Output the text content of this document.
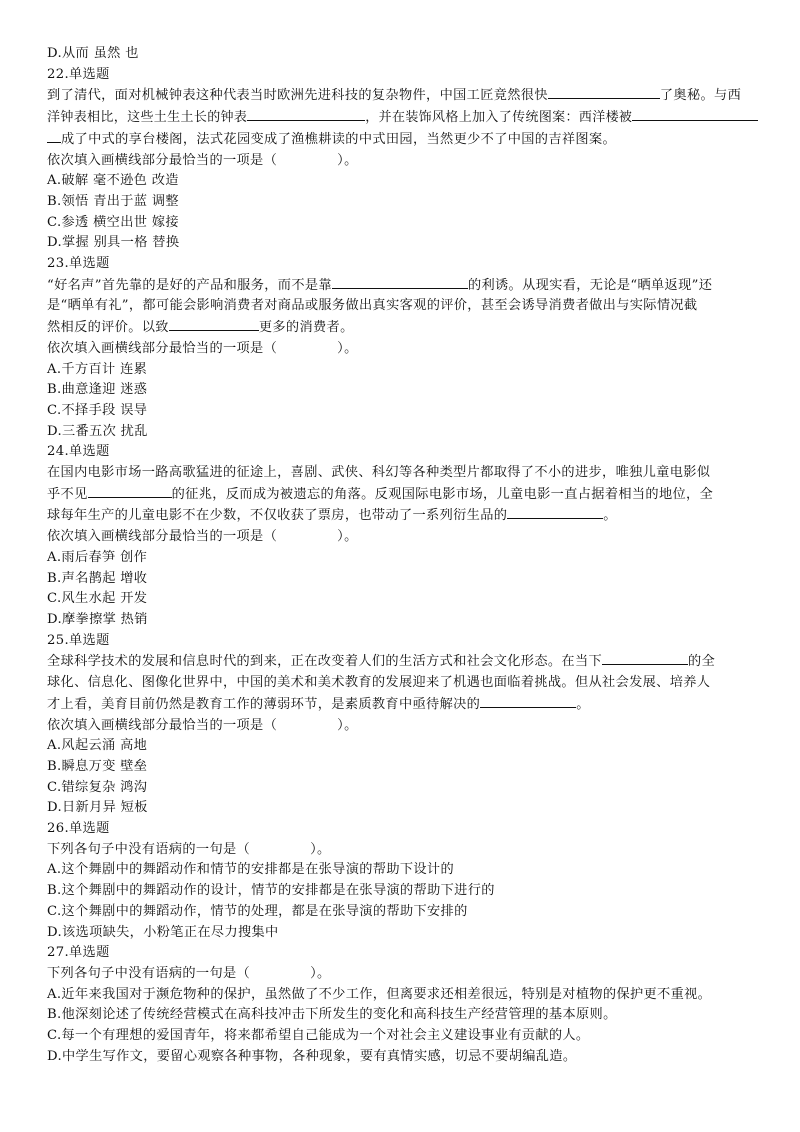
D.从而 虽然 也
22.单选题
到了清代，面对机械钟表这种代表当时欧洲先进科技的复杂物件，中国工匠竟然很快	了奥秘。与西
洋钟表相比，这些土生土长的钟表	，并在装饰风格上加入了传统图案：西洋楼被
成了中式的享台楼阁，法式花园变成了渔樵耕读的中式田园，当然更少不了中国的吉祥图案。
依次填入画横线部分最恰当的一项是（	）。
A.破解 毫不逊色 改造
B.领悟 青出于蓝 调整
C.参透 横空出世 嫁接
D.掌握 别具一格 替换
23.单选题
“好名声”首先靠的是好的产品和服务，而不是靠	的利诱。从现实看，无论是“晒单返现”还
是“晒单有礼”，都可能会影响消费者对商品或服务做出真实客观的评价，甚至会诱导消费者做出与实际情况截
然相反的评价。以致	更多的消费者。
依次填入画横线部分最恰当的一项是（	）。
A.千方百计 连累
B.曲意逢迎 迷惑
C.不择手段 误导
D.三番五次 扰乱
24.单选题
在国内电影市场一路高歌猛进的征途上，喜剧、武侠、科幻等各种类型片都取得了不小的进步，唯独儿童电影似
乎不见	的征兆，反而成为被遗忘的角落。反观国际电影市场，儿童电影一直占据着相当的地位，全
球每年生产的儿童电影不在少数，不仅收获了票房，也带动了一系列衍生品的	。
依次填入画横线部分最恰当的一项是（	）。
A.雨后春笋 创作
B.声名鹊起 增收
C.风生水起 开发
D.摩拳擦掌 热销
25.单选题
全球科学技术的发展和信息时代的到来，正在改变着人们的生活方式和社会文化形态。在当下	的全
球化、信息化、图像化世界中，中国的美术和美术教育的发展迎来了机遇也面临着挑战。但从社会发展、培养人
才上看，美育目前仍然是教育工作的薄弱环节，是素质教育中亟待解决的	。
依次填入画横线部分最恰当的一项是（	）。
A.风起云涌 高地
B.瞬息万变 壁垒
C.错综复杂 鸿沟
D.日新月异 短板
26.单选题
下列各句子中没有语病的一句是（	）。
A.这个舞剧中的舞蹈动作和情节的安排都是在张导演的帮助下设计的
B.这个舞剧中的舞蹈动作的设计，情节的安排都是在张导演的帮助下进行的
C.这个舞剧中的舞蹈动作，情节的处理，都是在张导演的帮助下安排的
D.该选项缺失，小粉笔正在尽力搜集中
27.单选题
下列各句子中没有语病的一句是（	）。
A.近年来我国对于濒危物种的保护，虽然做了不少工作，但离要求还相差很远，特别是对植物的保护更不重视。
B.他深刻论述了传统经营模式在高科技冲击下所发生的变化和高科技生产经营管理的基本原则。
C.每一个有理想的爱国青年，将来都希望自己能成为一个对社会主义建设事业有贡献的人。
D.中学生写作文，要留心观察各种事物，各种现象，要有真情实感，切忌不要胡编乱造。
